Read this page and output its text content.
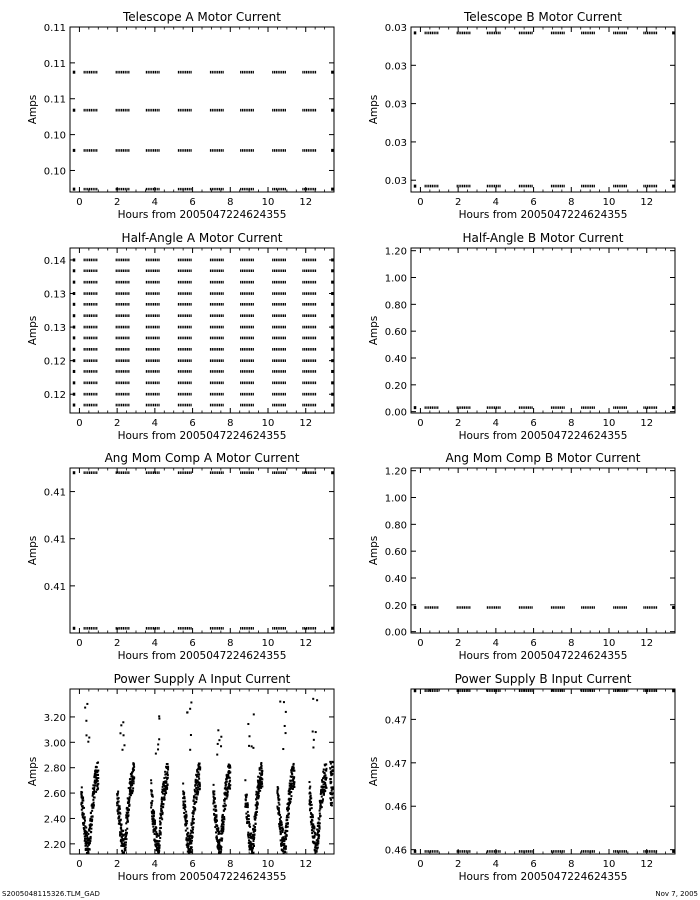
Telescope A Motor Current
0	2	4	6	8	10 12
0.10
0.10
0.11
0.11
0.11
Hours from 2005047224624355
Amps
Telescope B Motor Current
0	2	4	6	8	10 12
0.03
0.03
0.03
0.03
0.03
Hours from 2005047224624355
Amps
Half-Angle A Motor Current
0	2	4	6	8	10 12
0.12
0.12
0.13
0.13
0.14
Hours from 2005047224624355
Amps
Half-Angle B Motor Current
0	2	4	6	8	10 12
0.00
0.20
0.40
0.60
0.80
1.00
1.20
Hours from 2005047224624355
Amps
Ang Mom Comp A Motor Current
0	2	4	6	8	10 12
0.41
0.41
0.41
Hours from 2005047224624355
Amps
Ang Mom Comp B Motor Current
0	2	4	6	8	10 12
0.00
0.20
0.40
0.60
0.80
1.00
1.20
Hours from 2005047224624355
Amps
Power Supply A Input Current
0	2	4	6	8	10 12
2.20
2.40
2.60
2.80
3.00
3.20
Hours from 2005047224624355
Amps
Power Supply B Input Current
0	2	4	6	8	10 12
0.46
0.46
0.47
0.47
Hours from 2005047224624355
Amps
S2005048115326.TLM_GAD	Nov 7, 2005
